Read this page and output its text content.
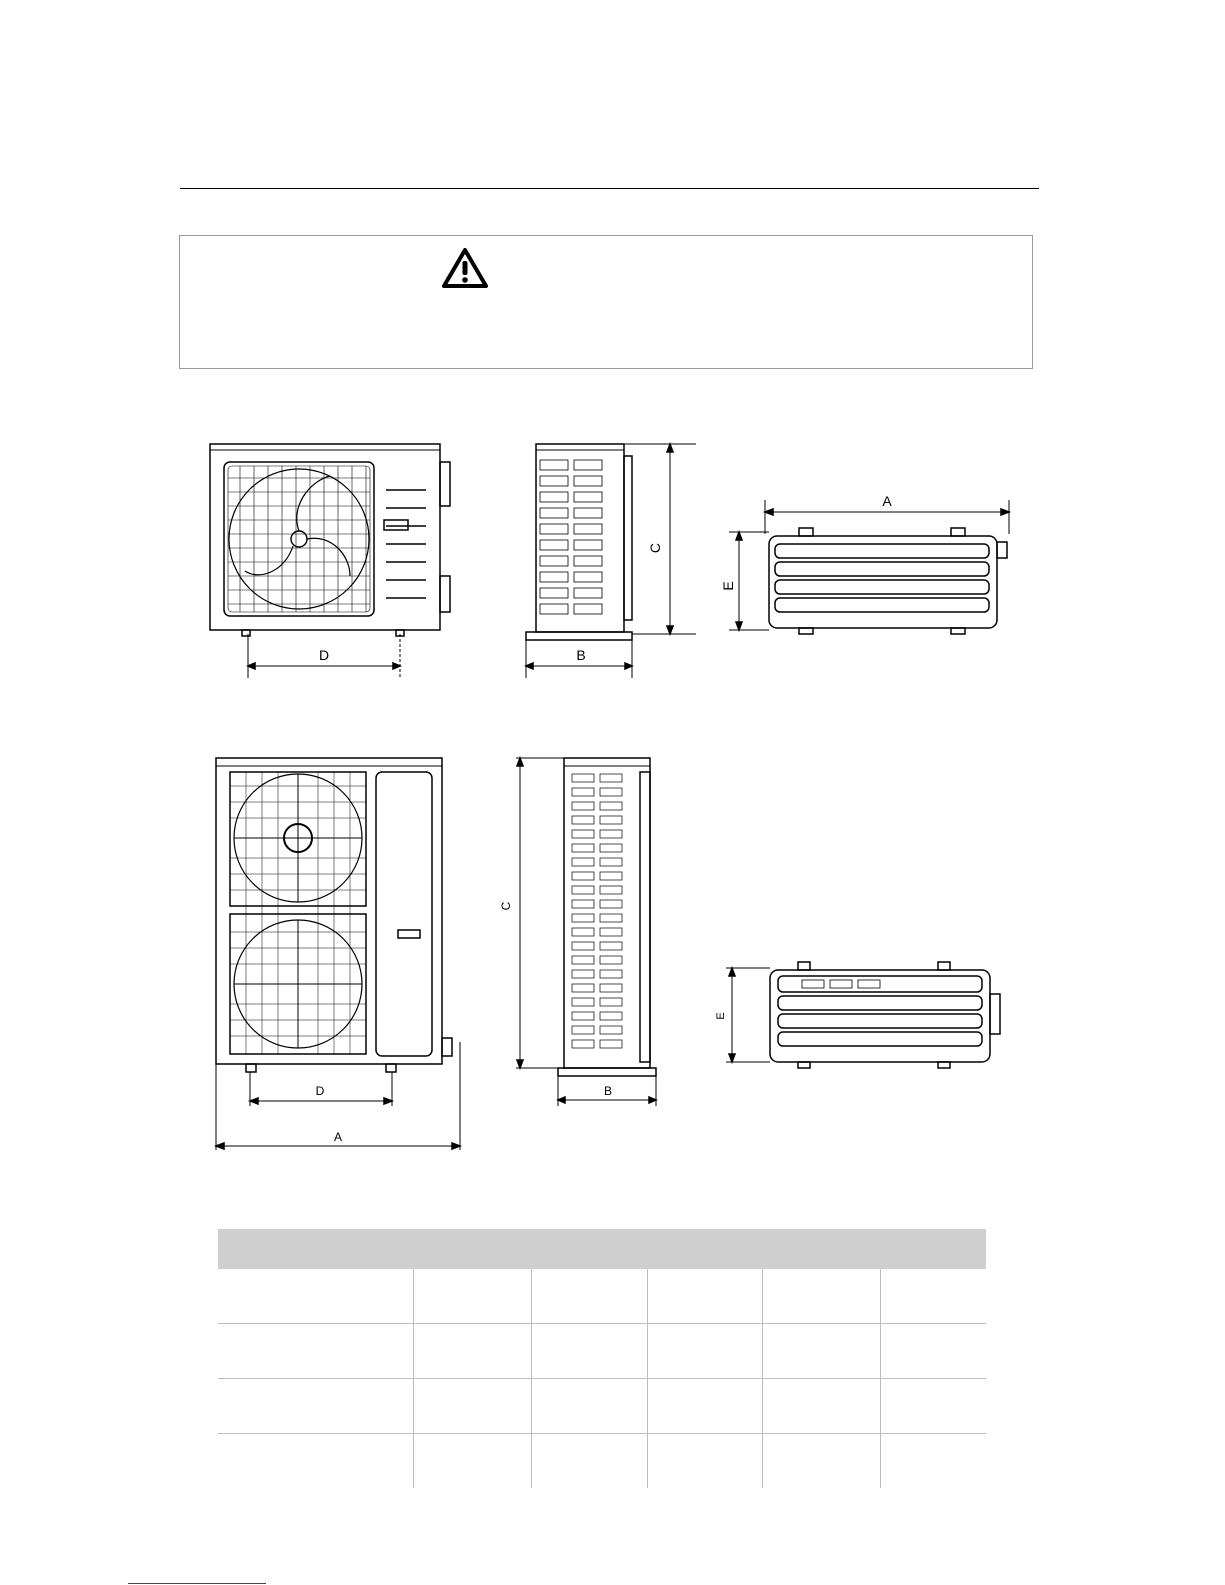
D	B
C
A
E
D
A
B
C
E
